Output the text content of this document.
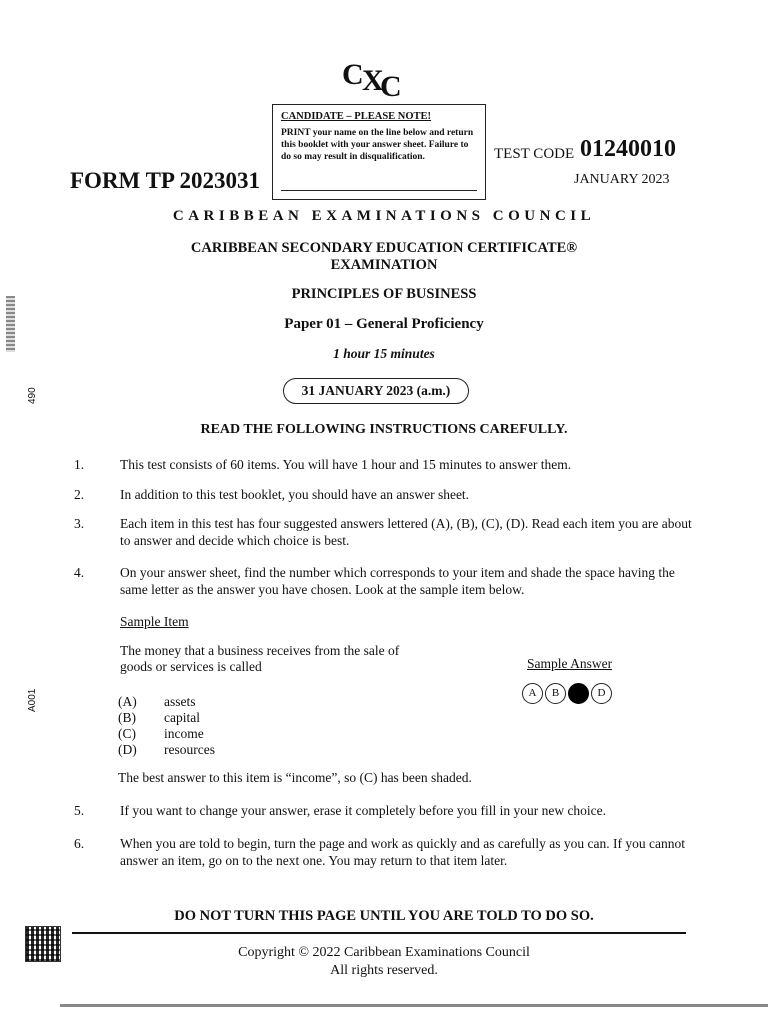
C
X
C
CANDIDATE – PLEASE NOTE!
PRINT your name on the line below and return this booklet with your answer sheet. Failure to do so may result in disqualification.
FORM TP 2023031
TEST CODE 01240010
JANUARY 2023
CARIBBEAN EXAMINATIONS COUNCIL
CARIBBEAN SECONDARY EDUCATION CERTIFICATE®
EXAMINATION
PRINCIPLES OF BUSINESS
Paper 01 – General Proficiency
1 hour 15 minutes
31 JANUARY 2023 (a.m.)
READ THE FOLLOWING INSTRUCTIONS CAREFULLY.
1.	This test consists of 60 items. You will have 1 hour and 15 minutes to answer them.
2.	In addition to this test booklet, you should have an answer sheet.
3.	Each item in this test has four suggested answers lettered (A), (B), (C), (D). Read each item you are about to answer and decide which choice is best.
4.	On your answer sheet, find the number which corresponds to your item and shade the space having the same letter as the answer you have chosen. Look at the sample item below.
Sample Item
The money that a business receives from the sale of goods or services is called	Sample Answer
A	B	C	D
(A)	assets
(B)	capital
(C)	income
(D)	resources
The best answer to this item is “income”, so (C) has been shaded.
5.	If you want to change your answer, erase it completely before you fill in your new choice.
6.	When you are told to begin, turn the page and work as quickly and as carefully as you can. If you cannot answer an item, go on to the next one. You may return to that item later.
490
A001
DO NOT TURN THIS PAGE UNTIL YOU ARE TOLD TO DO SO.
Copyright © 2022 Caribbean Examinations Council
All rights reserved.
